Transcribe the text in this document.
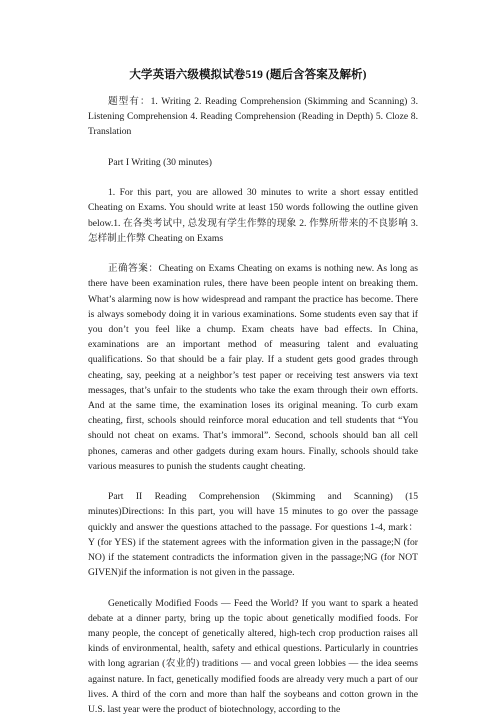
大学英语六级模拟试卷519 (题后含答案及解析)

题型有：1. Writing 2. Reading Comprehension (Skimming and Scanning) 3. Listening Comprehension 4. Reading Comprehension (Reading in Depth) 5. Cloze 8. Translation

Part I Writing (30 minutes)

1. For this part, you are allowed 30 minutes to write a short essay entitled Cheating on Exams. You should write at least 150 words following the outline given below.1. 在各类考试中, 总发现有学生作弊的现象 2. 作弊所带来的不良影响 3. 怎样制止作弊 Cheating on Exams

正确答案：Cheating on Exams Cheating on exams is nothing new. As long as there have been examination rules, there have been people intent on breaking them. What’s alarming now is how widespread and rampant the practice has become. There is always somebody doing it in various examinations. Some students even say that if you don’t you feel like a chump. Exam cheats have bad effects. In China, examinations are an important method of measuring talent and evaluating qualifications. So that should be a fair play. If a student gets good grades through cheating, say, peeking at a neighbor’s test paper or receiving test answers via text messages, that’s unfair to the students who take the exam through their own efforts. And at the same time, the examination loses its original meaning. To curb exam cheating, first, schools should reinforce moral education and tell students that “You should not cheat on exams. That’s immoral”. Second, schools should ban all cell phones, cameras and other gadgets during exam hours. Finally, schools should take various measures to punish the students caught cheating.

Part II Reading Comprehension (Skimming and Scanning) (15 minutes)Directions: In this part, you will have 15 minutes to go over the passage quickly and answer the questions attached to the passage. For questions 1-4, mark：Y (for YES) if the statement agrees with the information given in the passage;N (for NO) if the statement contradicts the information given in the passage;NG (for NOT GIVEN)if the information is not given in the passage.

Genetically Modified Foods — Feed the World? If you want to spark a heated debate at a dinner party, bring up the topic about genetically modified foods. For many people, the concept of genetically altered, high-tech crop production raises all kinds of environmental, health, safety and ethical questions. Particularly in countries with long agrarian (农业的) traditions — and vocal green lobbies — the idea seems against nature. In fact, genetically modified foods are already very much a part of our lives. A third of the corn and more than half the soybeans and cotton grown in the U.S. last year were the product of biotechnology, according to the
